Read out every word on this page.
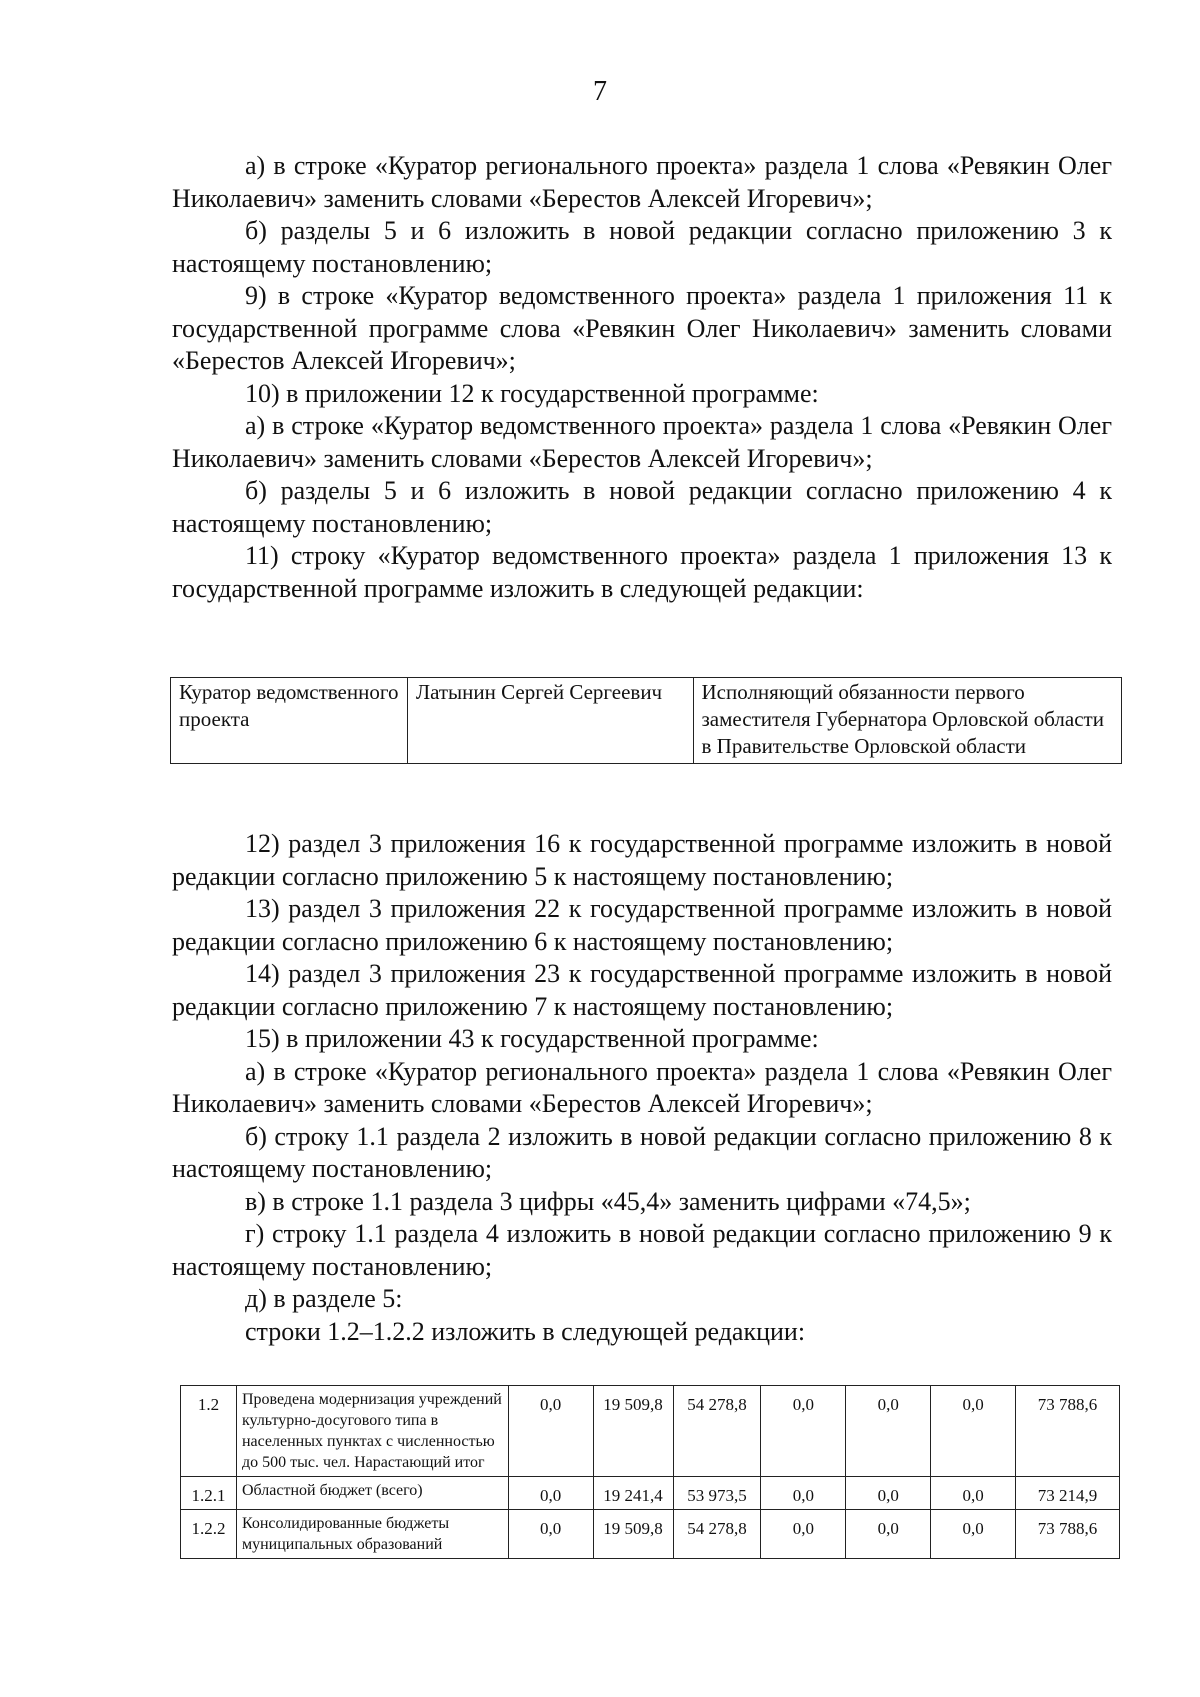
7

а) в строке «Куратор регионального проекта» раздела 1 слова «Ревякин Олег Николаевич» заменить словами «Берестов Алексей Игоревич»;

б) разделы 5 и 6 изложить в новой редакции согласно приложению 3 к настоящему постановлению;

9) в строке «Куратор ведомственного проекта» раздела 1 приложения 11 к государственной программе слова «Ревякин Олег Николаевич» заменить словами «Берестов Алексей Игоревич»;

10) в приложении 12 к государственной программе:

а) в строке «Куратор ведомственного проекта» раздела 1 слова «Ревякин Олег Николаевич» заменить словами «Берестов Алексей Игоревич»;

б) разделы 5 и 6 изложить в новой редакции согласно приложению 4 к настоящему постановлению;

11) строку «Куратор ведомственного проекта» раздела 1 приложения 13 к государственной программе изложить в следующей редакции:

Куратор ведомственного проекта	Латынин Сергей Сергеевич	Исполняющий обязанности первого заместителя Губернатора Орловской области в Правительстве Орловской области

12) раздел 3 приложения 16 к государственной программе изложить в новой редакции согласно приложению 5 к настоящему постановлению;

13) раздел 3 приложения 22 к государственной программе изложить в новой редакции согласно приложению 6 к настоящему постановлению;

14) раздел 3 приложения 23 к государственной программе изложить в новой редакции согласно приложению 7 к настоящему постановлению;

15) в приложении 43 к государственной программе:

а) в строке «Куратор регионального проекта» раздела 1 слова «Ревякин Олег Николаевич» заменить словами «Берестов Алексей Игоревич»;

б) строку 1.1 раздела 2 изложить в новой редакции согласно приложению 8 к настоящему постановлению;

в) в строке 1.1 раздела 3 цифры «45,4» заменить цифрами «74,5»;

г) строку 1.1 раздела 4 изложить в новой редакции согласно приложению 9 к настоящему постановлению;

д) в разделе 5:

строки 1.2–1.2.2 изложить в следующей редакции:

1.2	Проведена модернизация учреждений культурно-досугового типа в населенных пунктах с численностью до 500 тыс. чел. Нарастающий итог	0,0	19 509,8	54 278,8	0,0	0,0	0,0	73 788,6
1.2.1	Областной бюджет (всего)	0,0	19 241,4	53 973,5	0,0	0,0	0,0	73 214,9
1.2.2	Консолидированные бюджеты муниципальных образований	0,0	19 509,8	54 278,8	0,0	0,0	0,0	73 788,6
